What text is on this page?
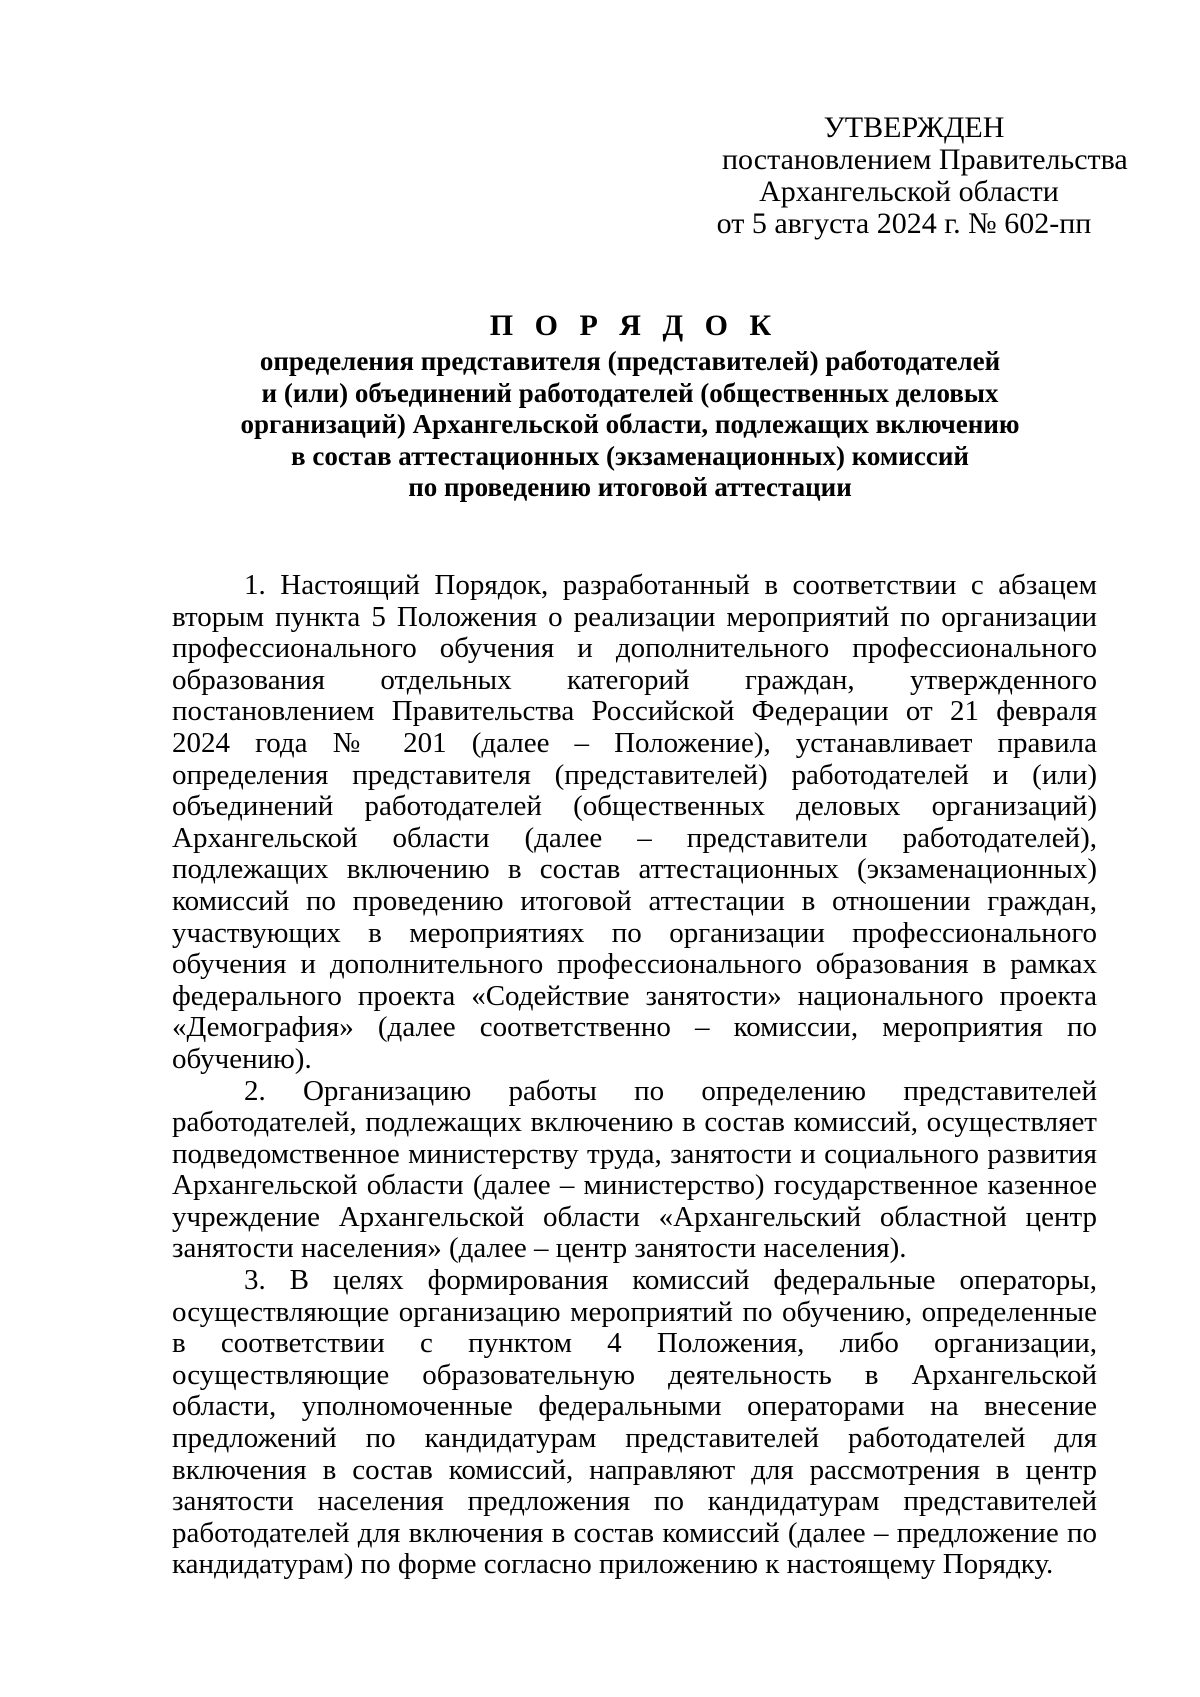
УТВЕРЖДЕН
постановлением Правительства
Архангельской области
от 5 августа 2024 г. № 602-пп
П О Р Я Д О К
определения представителя (представителей) работодателей
и (или) объединений работодателей (общественных деловых
организаций) Архангельской области, подлежащих включению
в состав аттестационных (экзаменационных) комиссий
по проведению итоговой аттестации

1. Настоящий Порядок, разработанный в соответствии с абзацем вторым пункта 5 Положения о реализации мероприятий по организации профессионального обучения и дополнительного профессионального образования отдельных категорий граждан, утвержденного постановлением Правительства Российской Федерации от 21 февраля 2024 года № 201 (далее – Положение), устанавливает правила определения представителя (представителей) работодателей и (или) объединений работодателей (общественных деловых организаций) Архангельской области (далее – представители работодателей), подлежащих включению в состав аттестационных (экзаменационных) комиссий по проведению итоговой аттестации в отношении граждан, участвующих в мероприятиях по организации профессионального обучения и дополнительного профессионального образования в рамках федерального проекта «Содействие занятости» национального проекта «Демография» (далее соответственно – комиссии, мероприятия по обучению).

2. Организацию работы по определению представителей работодателей, подлежащих включению в состав комиссий, осуществляет подведомственное министерству труда, занятости и социального развития Архангельской области (далее – министерство) государственное казенное учреждение Архангельской области «Архангельский областной центр занятости населения» (далее – центр занятости населения).

3. В целях формирования комиссий федеральные операторы, осуществляющие организацию мероприятий по обучению, определенные в соответствии с пунктом 4 Положения, либо организации, осуществляющие образовательную деятельность в Архангельской области, уполномоченные федеральными операторами на внесение предложений по кандидатурам представителей работодателей для включения в состав комиссий, направляют для рассмотрения в центр занятости населения предложения по кандидатурам представителей работодателей для включения в состав комиссий (далее – предложение по кандидатурам) по форме согласно приложению к настоящему Порядку.
